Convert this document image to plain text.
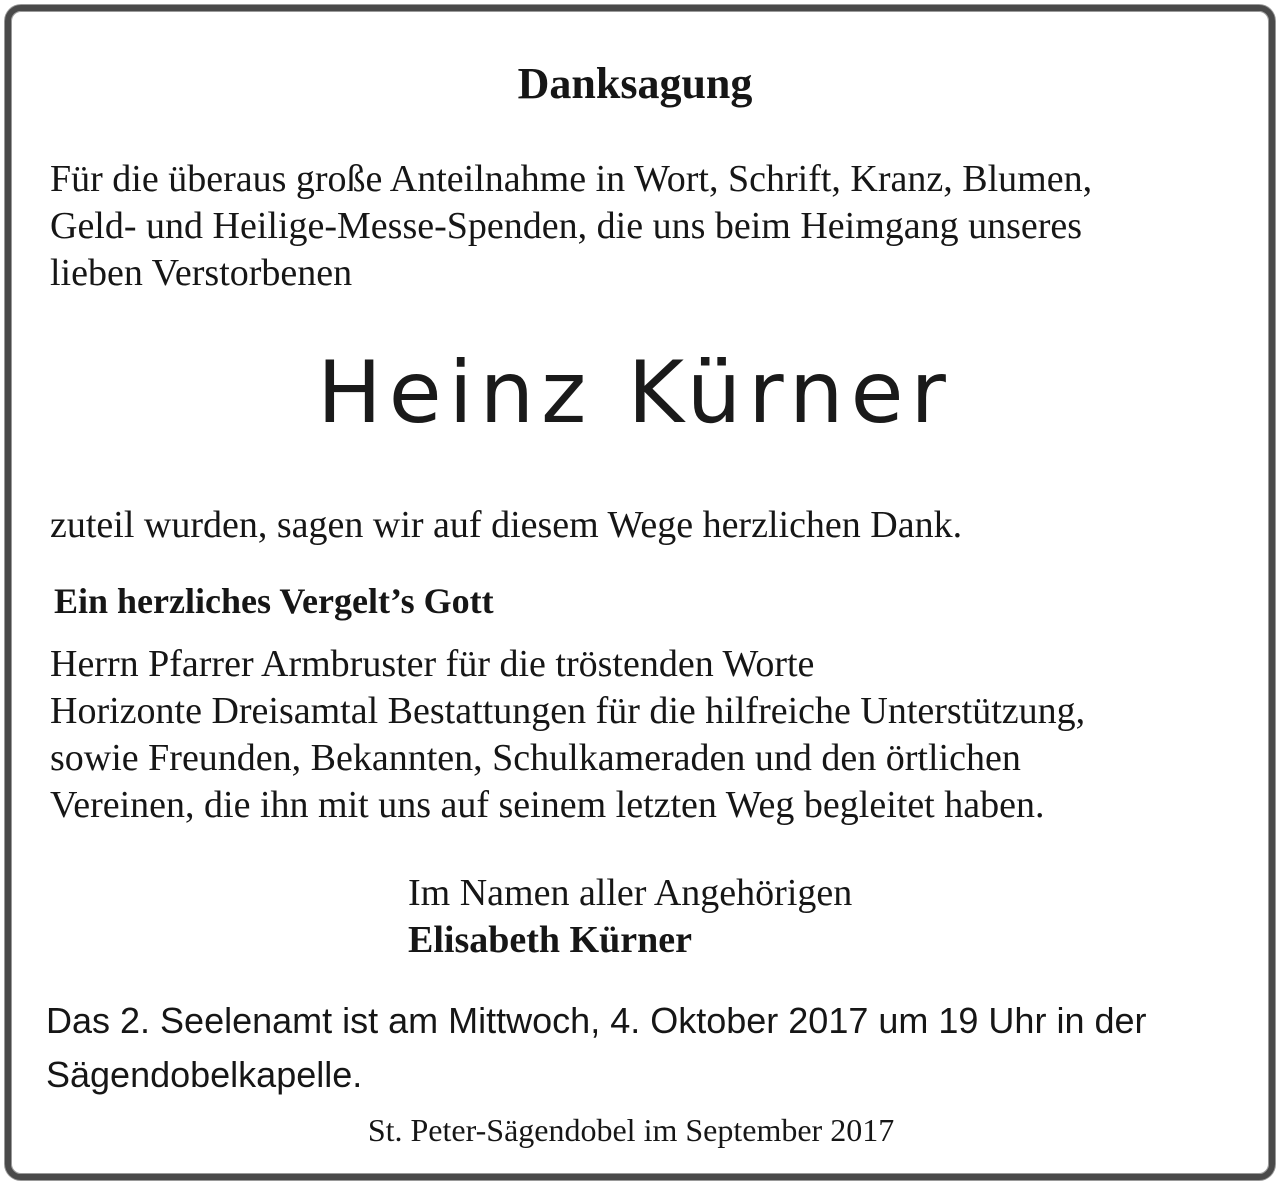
Danksagung

Für die überaus große Anteilnahme in Wort, Schrift, Kranz, Blumen,
Geld- und Heilige-Messe-Spenden, die uns beim Heimgang unseres
lieben Verstorbenen

Heinz Kürner

zuteil wurden, sagen wir auf diesem Wege herzlichen Dank.

Ein herzliches Vergelt’s Gott

Herrn Pfarrer Armbruster für die tröstenden Worte
Horizonte Dreisamtal Bestattungen für die hilfreiche Unterstützung,
sowie Freunden, Bekannten, Schulkameraden und den örtlichen
Vereinen, die ihn mit uns auf seinem letzten Weg begleitet haben.

Im Namen aller Angehörigen
Elisabeth Kürner

Das 2. Seelenamt ist am Mittwoch, 4. Oktober 2017 um 19 Uhr in der
Sägendobelkapelle.

St. Peter-Sägendobel im September 2017
